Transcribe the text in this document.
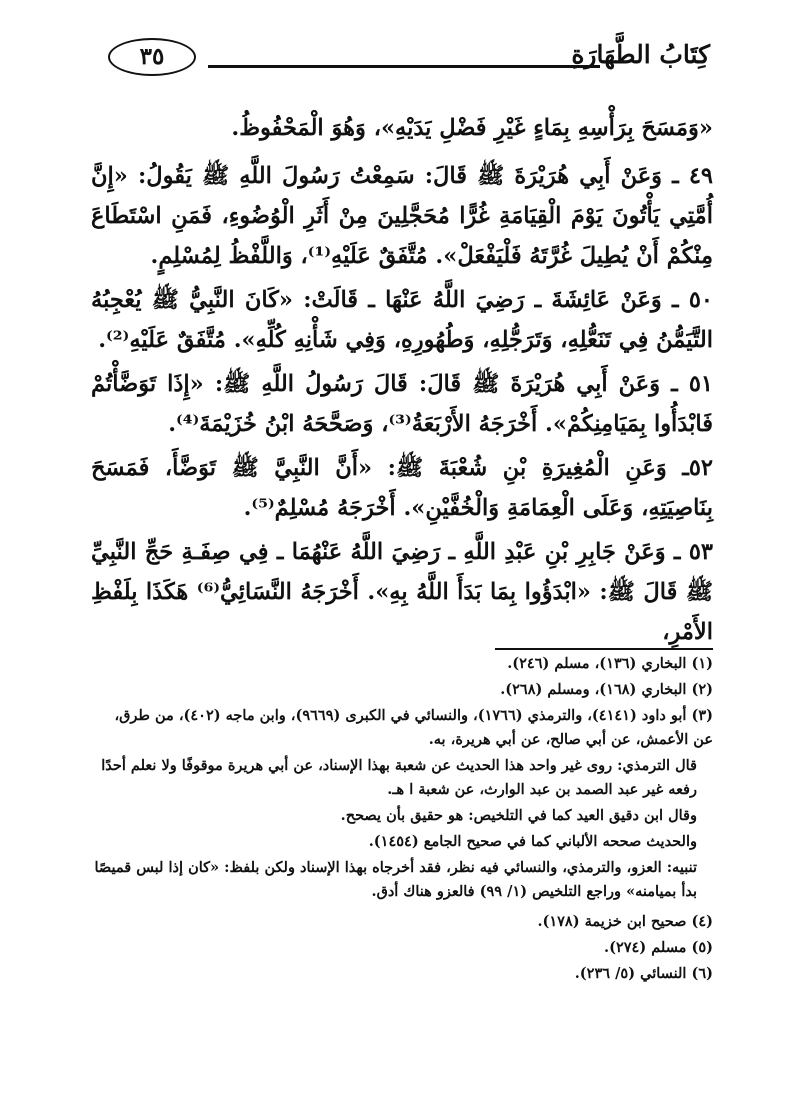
كِتَابُ الطَّهَارَةِ
٣٥

«وَمَسَحَ بِرَأْسِهِ بِمَاءٍ غَيْرِ فَضْلِ يَدَيْهِ»، وَهُوَ الْمَحْفُوظُ.

٤٩ ـ وَعَنْ أَبِي هُرَيْرَةَ ﷺ قَالَ: سَمِعْتُ رَسُولَ اللَّهِ ﷺ يَقُولُ: «إِنَّ أُمَّتِي يَأْتُونَ يَوْمَ الْقِيَامَةِ غُرًّا مُحَجَّلِينَ مِنْ أَثَرِ الْوُضُوءِ، فَمَنِ اسْتَطَاعَ مِنْكُمْ أَنْ يُطِيلَ غُرَّتَهُ فَلْيَفْعَلْ». مُتَّفَقٌ عَلَيْهِ⁽¹⁾، وَاللَّفْظُ لِمُسْلِمٍ.

٥٠ ـ وَعَنْ عَائِشَةَ ـ رَضِيَ اللَّهُ عَنْهَا ـ قَالَتْ: «كَانَ النَّبِيُّ ﷺ يُعْجِبُهُ التَّيَمُّنُ فِي تَنَعُّلِهِ، وَتَرَجُّلِهِ، وَطُهُورِهِ، وَفِي شَأْنِهِ كُلِّهِ». مُتَّفَقٌ عَلَيْهِ⁽²⁾.

٥١ ـ وَعَنْ أَبِي هُرَيْرَةَ ﷺ قَالَ: قَالَ رَسُولُ اللَّهِ ﷺ: «إِذَا تَوَضَّأْتُمْ فَابْدَأُوا بِمَيَامِنِكُمْ». أَخْرَجَهُ الأَرْبَعَةُ⁽³⁾، وَصَحَّحَهُ ابْنُ خُزَيْمَةَ⁽⁴⁾.

٥٢ـ وَعَنِ الْمُغِيرَةِ بْنِ شُعْبَةَ ﷺ: «أَنَّ النَّبِيَّ ﷺ تَوَضَّأَ، فَمَسَحَ بِنَاصِيَتِهِ، وَعَلَى الْعِمَامَةِ وَالْخُفَّيْنِ». أَخْرَجَهُ مُسْلِمٌ⁽⁵⁾.

٥٣ ـ وَعَنْ جَابِرِ بْنِ عَبْدِ اللَّهِ ـ رَضِيَ اللَّهُ عَنْهُمَا ـ فِي صِفَـةِ حَجِّ النَّبِيِّ ﷺ قَالَ ﷺ: «ابْدَؤُوا بِمَا بَدَأَ اللَّهُ بِهِ». أَخْرَجَهُ النَّسَائِيُّ⁽⁶⁾ هَكَذَا بِلَفْظِ الأَمْرِ،

(١) البخاري (١٣٦)، مسلم (٢٤٦).

(٢) البخاري (١٦٨)، ومسلم (٢٦٨).

(٣) أبو داود (٤١٤١)، والترمذي (١٧٦٦)، والنسائي في الكبرى (٩٦٦٩)، وابن ماجه (٤٠٢)، من طرق، عن الأعمش، عن أبي صالح، عن أبي هريرة، به.

قال الترمذي: روى غير واحد هذا الحديث عن شعبة بهذا الإسناد، عن أبي هريرة موقوفًا ولا نعلم أحدًا رفعه غير عبد الصمد بن عبد الوارث، عن شعبة ا هـ.

وقال ابن دقيق العيد كما في التلخيص: هو حقيق بأن يصحح.

والحديث صححه الألباني كما في صحيح الجامع (١٤٥٤).

تنبيه: العزو، والترمذي، والنسائي فيه نظر، فقد أخرجاه بهذا الإسناد ولكن بلفظ: «كان إذا لبس قميصًا بدأ بميامنه» وراجع التلخيص (١/ ٩٩) فالعزو هناك أدق.

(٤) صحيح ابن خزيمة (١٧٨).

(٥) مسلم (٢٧٤).

(٦) النسائي (٥/ ٢٣٦).
